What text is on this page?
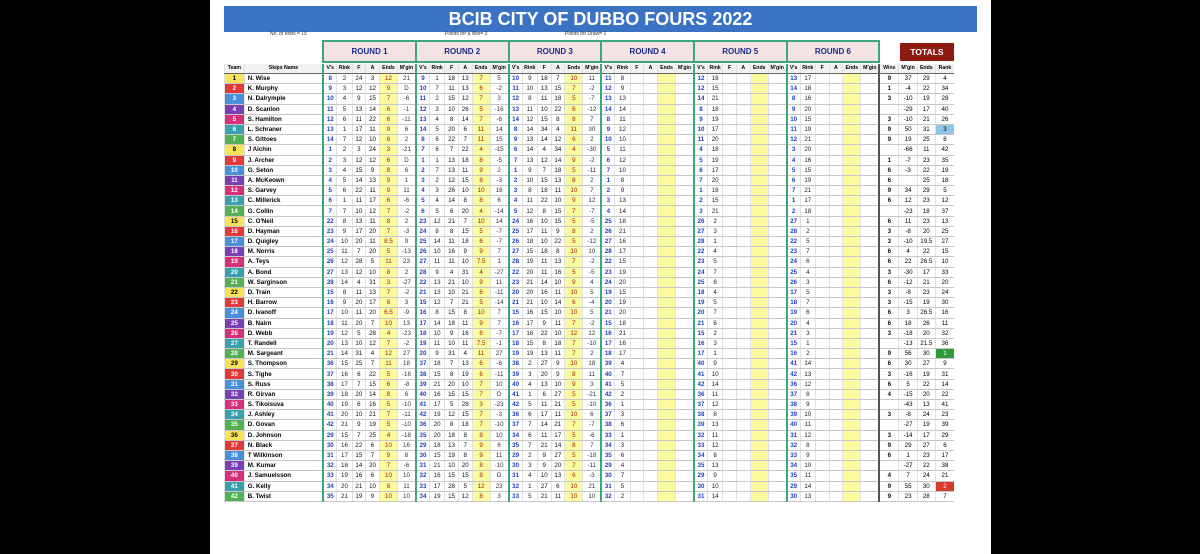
BCIB CITY OF DUBBO FOURS 2022
No. of ends = 15	Points for a Win= 3	Points for Draw= 1
		ROUND 1						ROUND 2						ROUND 3						ROUND 4						ROUND 5						ROUND 6									

Team	Skips Name	V's	Rink	F	A	Ends	M'gin	V's	Rink	F	A	Ends	M'gin	V's	Rink	F	A	Ends	M'gin	V's	Rink	F	A	Ends	M'gin	V's	Rink	F	A	Ends	M'gin	V's	Rink	F	A	Ends	M'gin	Wins	M'gin	Ends	Rank
1	N. Wise	8	2	24	3	12	21	9	1	18	13	7	5	10	9	18	7	10	11	11	8					12	16					13	17					9	37	29	4
2	K. Murphy	9	3	12	12	9	D	10	7	11	13	6	-2	11	10	13	15	7	-2	12	9					12	15					14	18					1	-4	22	34
3	N. Dalrymple	10	4	9	15	7	-6	11	2	15	12	7	3	12	8	11	18	5	-7	13	13					14	21					8	16					3	-10	19	28
4	D. Scanlon	11	5	13	14	6	-1	12	3	10	26	5	-16	13	11	10	22	6	-12	14	14					8	18					9	20						-29	17	40
5	S. Hamilton	12	6	11	22	6	-11	13	4	8	14	7	-6	14	12	15	8	8	7	8	11					9	19					10	15					3	-10	21	26
6	L. Schraner	13	1	17	11	9	6	14	5	20	6	11	14	8	14	34	4	11	30	9	12					10	17					11	19					9	50	31	3
7	S. Gittoes	14	7	12	10	8	2	8	6	22	7	11	15	9	13	14	12	6	2	10	10					11	20					12	21					9	19	25	8
8	J Alchin	1	2	3	24	3	-21	7	6	7	22	4	-15	6	14	4	34	4	-30	5	11					4	18					3	20						-66	11	42
9	J. Archer	2	3	12	12	6	D	1	1	13	18	8	-5	7	13	12	14	9	-2	6	12					5	19					4	16					1	-7	23	35
10	G. Seton	3	4	15	9	8	6	2	7	13	11	9	2	1	9	7	18	5	-11	7	10					6	17					5	15					6	-3	22	19
11	A. McKeown	4	5	14	13	9	1	3	2	12	15	8	-3	2	10	15	13	8	2	1	8					7	20					6	19					6		25	18
12	S. Garvey	5	6	22	11	9	11	4	3	26	10	10	16	3	8	18	11	10	7	2	9					1	16					7	21					9	34	29	5
13	C. Millerick	6	1	11	17	6	-6	5	4	14	8	8	6	4	11	22	10	9	12	3	13					2	15					1	17					6	12	23	12
14	G. Collin	7	7	10	12	7	-2	6	5	6	20	4	-14	5	12	8	15	7	-7	4	14					3	21					2	18						-23	18	37
15	C. O'Neil	22	8	13	11	8	2	23	12	21	7	10	14	24	16	10	15	5	-5	25	18					26	2					27	1					6	11	23	13
16	D. Hayman	23	9	17	20	7	-3	24	8	8	15	5	-7	25	17	11	9	8	2	26	21					27	3					28	2					3	-8	20	25
17	D. Quigley	24	10	20	11	8.5	9	25	14	11	18	6	-7	26	18	10	22	5	-12	27	16					28	1					22	5					3	-10	19.5	27
18	M. Norris	25	11	7	20	5	-13	26	10	16	9	9	7	27	15	18	8	10	10	28	17					22	4					23	7					6	4	22	15
19	A. Teys	26	12	28	5	11	23	27	11	11	10	7.5	1	28	19	11	13	7	-2	22	15					23	5					24	6					6	22	26.5	10
20	A. Bond	27	13	12	10	8	2	28	9	4	31	4	-27	22	20	11	16	5	-5	23	19					24	7					25	4					3	-30	17	33
21	W. Sarginson	28	14	4	31	3	-27	22	13	21	10	9	11	23	21	14	10	9	4	24	20					25	6					26	3					6	-12	21	20
22	D. Train	15	8	11	13	7	-2	21	13	10	21	6	-11	20	20	16	11	10	5	19	15					18	4					17	5					3	-8	23	24
23	H. Barrow	16	9	20	17	8	3	15	12	7	21	5	-14	21	21	10	14	6	-4	20	19					19	5					18	7					3	-15	19	30
24	D. Ivanoff	17	10	11	20	6.5	-9	16	8	15	8	10	7	15	16	15	10	10	5	21	20					20	7					19	6					6	3	26.5	16
25	B. Nairn	18	11	20	7	10	13	17	14	18	11	9	7	16	17	9	11	7	-2	15	18					21	6					20	4					6	18	26	11
26	D. Webb	19	12	5	28	4	-23	18	10	9	16	6	-7	17	18	22	10	12	12	16	21					15	2					21	3					3	-18	20	32
27	T. Randell	20	13	10	12	7	-2	19	11	10	11	7.5	-1	18	15	8	18	7	-10	17	16					16	3					15	1						-13	21.5	36
28	M. Sargeant	21	14	31	4	12	27	20	9	31	4	11	27	19	19	13	11	7	2	18	17					17	1					16	2					9	56	30	1
29	S. Thompson	36	15	25	7	11	18	37	18	7	13	6	-6	38	2	27	9	10	18	39	4					40	9					41	14					6	30	27	9
30	S. Tighe	37	16	6	22	5	-16	38	15	8	19	6	-11	39	3	20	9	8	11	40	7					41	10					42	13					3	-16	19	31
31	S. Russ	38	17	7	15	6	-8	39	21	20	10	7	10	40	4	13	10	9	3	41	5					42	14					36	12					6	5	22	14
32	R. Girvan	39	18	20	14	8	6	40	16	15	15	7	D	41	1	6	27	5	-21	42	2					36	11					37	8					4	-15	20	22
33	S. Tikoisuva	40	19	6	16	5	-10	41	17	5	28	3	-23	42	5	11	21	5	-10	36	1					37	12					38	9						-43	13	41
34	J. Ashley	41	20	10	21	7	-11	42	19	12	15	7	-3	36	6	17	11	10	6	37	3					38	8					39	10					3	-8	24	23
35	D. Govan	42	21	9	19	5	-10	36	20	8	18	7	-10	37	7	14	21	7	-7	38	6					39	13					40	11						-27	19	39
36	D. Johnson	29	15	7	25	4	-18	35	20	18	8	8	10	34	6	11	17	5	-6	33	1					32	11					31	12					3	-14	17	29
37	N. Black	30	16	22	6	10	16	29	18	13	7	9	6	35	7	21	14	8	7	34	3					33	12					32	8					9	29	27	6
38	T Wilkinson	31	17	15	7	9	8	30	15	19	8	9	11	29	2	9	27	5	-18	35	6					34	8					33	9					6	1	23	17
39	M. Kumar	32	18	14	20	7	-6	31	21	10	20	8	-10	30	3	9	20	7	-11	29	4					35	13					34	10						-27	22	38
40	J. Samuelsson	33	19	16	6	10	10	32	16	15	15	8	D	31	4	10	13	6	-3	30	7					29	9					35	11					4	7	24	21
41	G. Kelly	34	20	21	10	8	11	33	17	28	5	12	23	32	1	27	6	10	21	31	5					30	10					29	14					9	55	30	2
42	B. Twist	35	21	19	9	10	10	34	19	15	12	8	3	33	5	21	11	10	10	32	2					31	14					30	13					9	23	28	7
TOTALS
